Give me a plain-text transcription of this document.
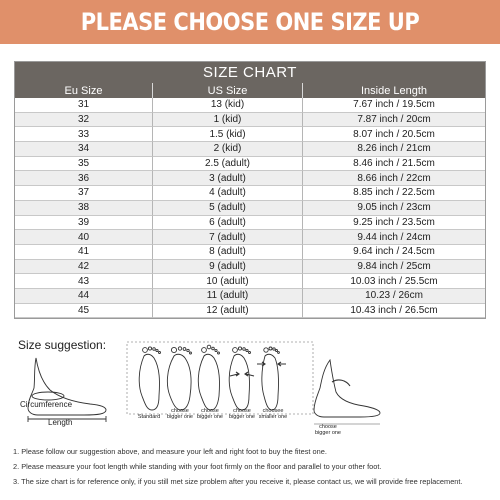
PLEASE CHOOSE ONE SIZE UP
SIZE CHART
Eu Size	US Size	Inside Length
31	13 (kid)	7.67 inch / 19.5cm
32	1 (kid)	7.87 inch / 20cm
33	1.5 (kid)	8.07 inch / 20.5cm
34	2 (kid)	8.26 inch / 21cm
35	2.5 (adult)	8.46 inch / 21.5cm
36	3 (adult)	8.66 inch / 22cm
37	4 (adult)	8.85 inch / 22.5cm
38	5 (adult)	9.05 inch / 23cm
39	6 (adult)	9.25 inch / 23.5cm
40	7 (adult)	9.44 inch / 24cm
41	8 (adult)	9.64 inch / 24.5cm
42	9 (adult)	9.84 inch / 25cm
43	10 (adult)	10.03 inch / 25.5cm
44	11 (adult)	10.23 / 26cm
45	12 (adult)	10.43 inch / 26.5cm
Size suggestion:
Circumference
Length
Standard
choose
bigger one
choose
bigger one
choose
bigger one
choosee
smaller one
choose
bigger one
1. Please follow our suggestion above, and measure your left and right foot to buy the fitest one.
2. Please measure your foot length while standing with your foot firmly on the floor and parallel to your other foot.
3. The size chart is for reference only, if you still met size problem after you receive it, please contact us, we will provide free replacement.
